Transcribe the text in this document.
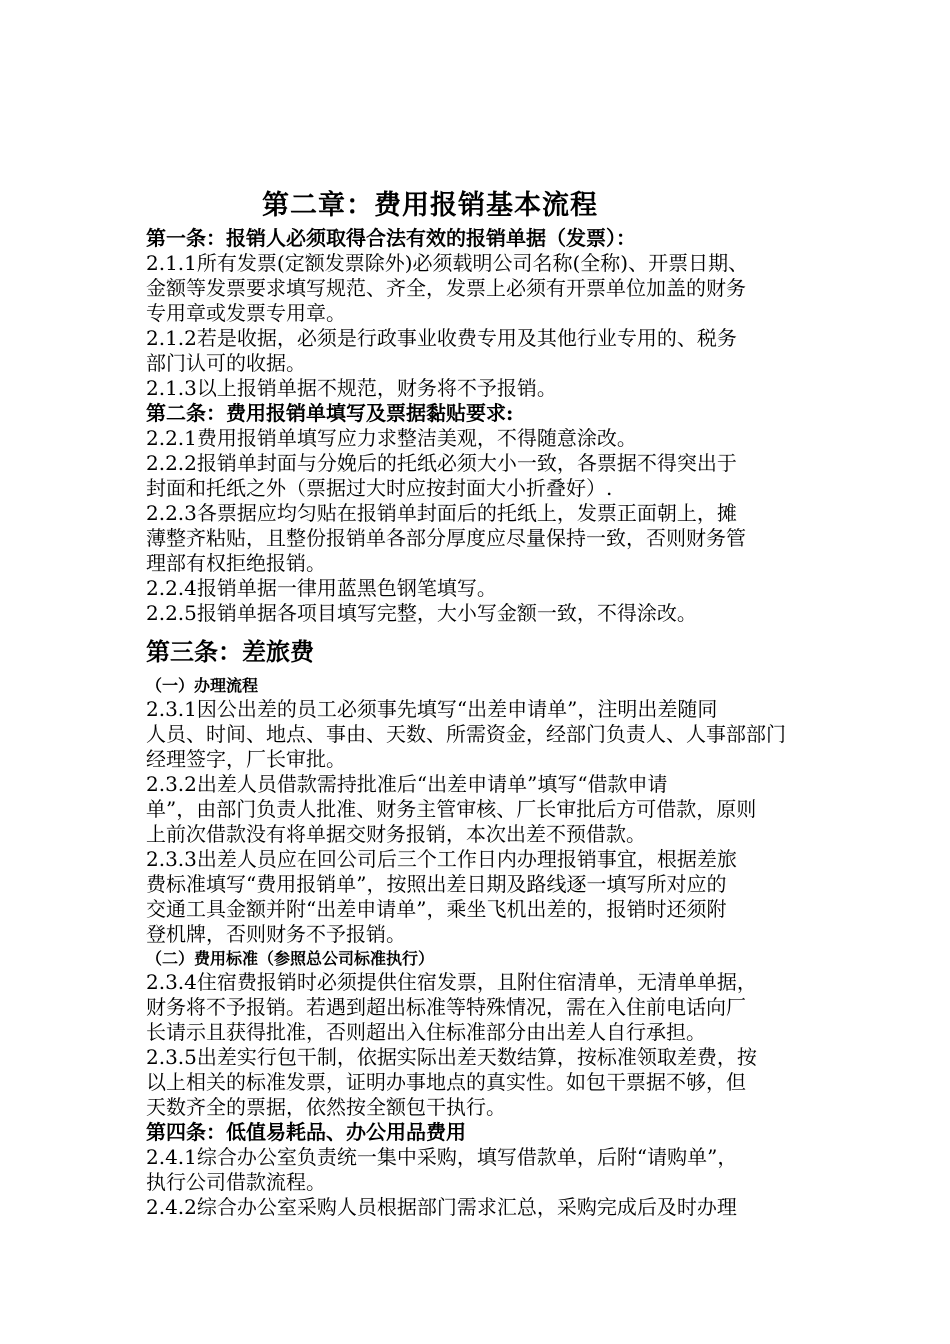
第二章：费用报销基本流程
第一条：报销人必须取得合法有效的报销单据（发票）：
2.1.1所有发票(定额发票除外)必须载明公司名称(全称)、开票日期、
金额等发票要求填写规范、齐全，发票上必须有开票单位加盖的财务
专用章或发票专用章。
2.1.2若是收据，必须是行政事业收费专用及其他行业专用的、税务
部门认可的收据。
2.1.3以上报销单据不规范，财务将不予报销。
第二条：费用报销单填写及票据黏贴要求:
2.2.1费用报销单填写应力求整洁美观，不得随意涂改。
2.2.2报销单封面与分娩后的托纸必须大小一致，各票据不得突出于
封面和托纸之外（票据过大时应按封面大小折叠好）.
2.2.3各票据应均匀贴在报销单封面后的托纸上，发票正面朝上，摊
薄整齐粘贴，且整份报销单各部分厚度应尽量保持一致，否则财务管
理部有权拒绝报销。
2.2.4报销单据一律用蓝黑色钢笔填写。
2.2.5报销单据各项目填写完整，大小写金额一致，不得涂改。
第三条：差旅费
（一）办理流程
2.3.1因公出差的员工必须事先填写“出差申请单”，注明出差随同
人员、时间、地点、事由、天数、所需资金，经部门负责人、人事部部门
经理签字，厂长审批。
2.3.2出差人员借款需持批准后“出差申请单”填写“借款申请
单”，由部门负责人批准、财务主管审核、厂长审批后方可借款，原则
上前次借款没有将单据交财务报销，本次出差不预借款。
2.3.3出差人员应在回公司后三个工作日内办理报销事宜，根据差旅
费标准填写“费用报销单”，按照出差日期及路线逐一填写所对应的
交通工具金额并附“出差申请单”，乘坐飞机出差的，报销时还须附
登机牌，否则财务不予报销。
（二）费用标准（参照总公司标准执行）
2.3.4住宿费报销时必须提供住宿发票，且附住宿清单，无清单单据，
财务将不予报销。若遇到超出标准等特殊情况，需在入住前电话向厂
长请示且获得批准，否则超出入住标准部分由出差人自行承担。
2.3.5出差实行包干制，依据实际出差天数结算，按标准领取差费，按
以上相关的标准发票，证明办事地点的真实性。如包干票据不够，但
天数齐全的票据，依然按全额包干执行。
第四条：低值易耗品、办公用品费用
2.4.1综合办公室负责统一集中采购，填写借款单，后附“请购单”，
执行公司借款流程。
2.4.2综合办公室采购人员根据部门需求汇总，采购完成后及时办理
